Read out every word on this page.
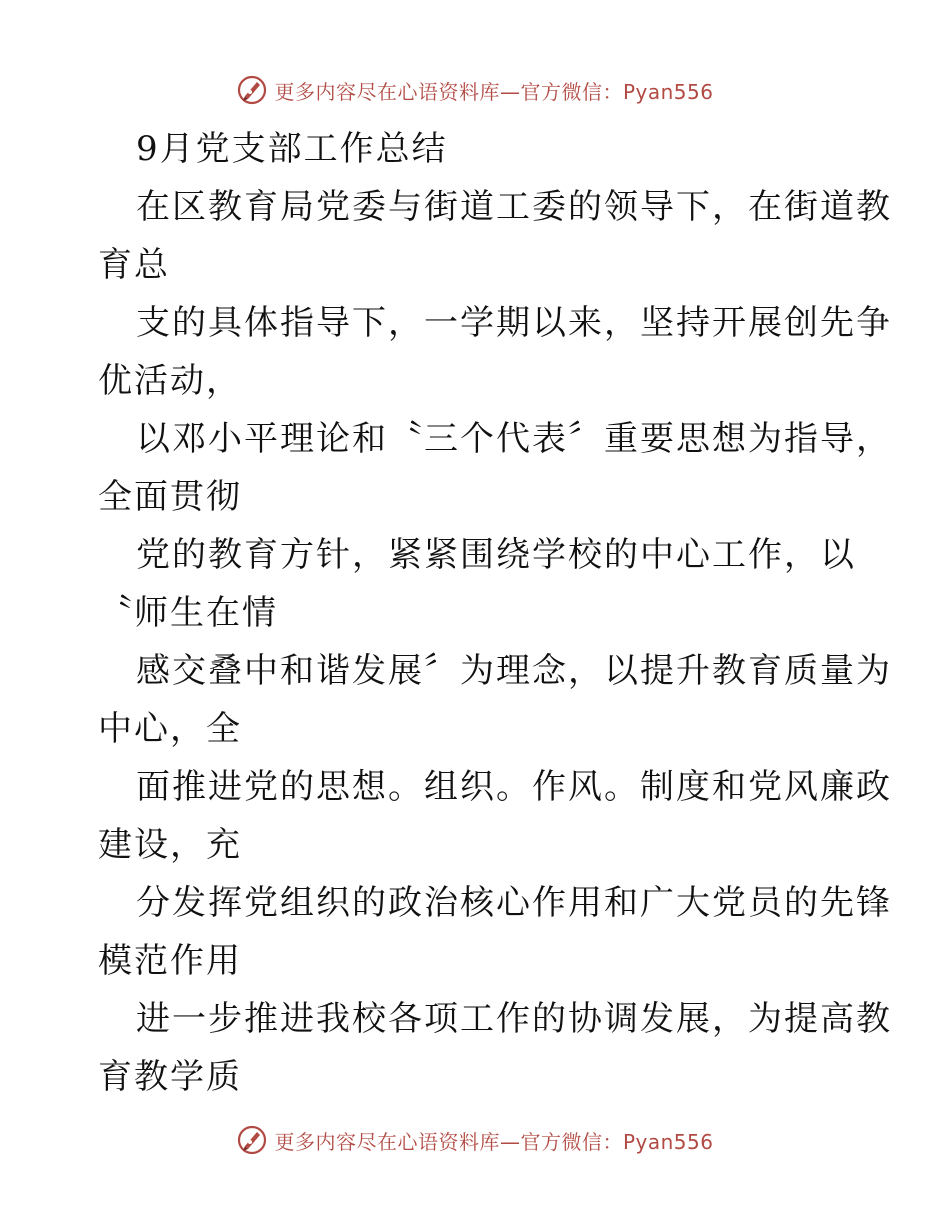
更多内容尽在心语资料库—官方微信：Pyan556
9月党支部工作总结
在区教育局党委与街道工委的领导下，在街道教
育总
支的具体指导下，一学期以来，坚持开展创先争
优活动，
以邓小平理论和〝三个代表〞重要思想为指导，
全面贯彻
党的教育方针，紧紧围绕学校的中心工作，以
〝师生在情
感交叠中和谐发展〞为理念，以提升教育质量为
中心，全
面推进党的思想。组织。作风。制度和党风廉政
建设，充
分发挥党组织的政治核心作用和广大党员的先锋
模范作用
进一步推进我校各项工作的协调发展，为提高教
育教学质
更多内容尽在心语资料库—官方微信：Pyan556
